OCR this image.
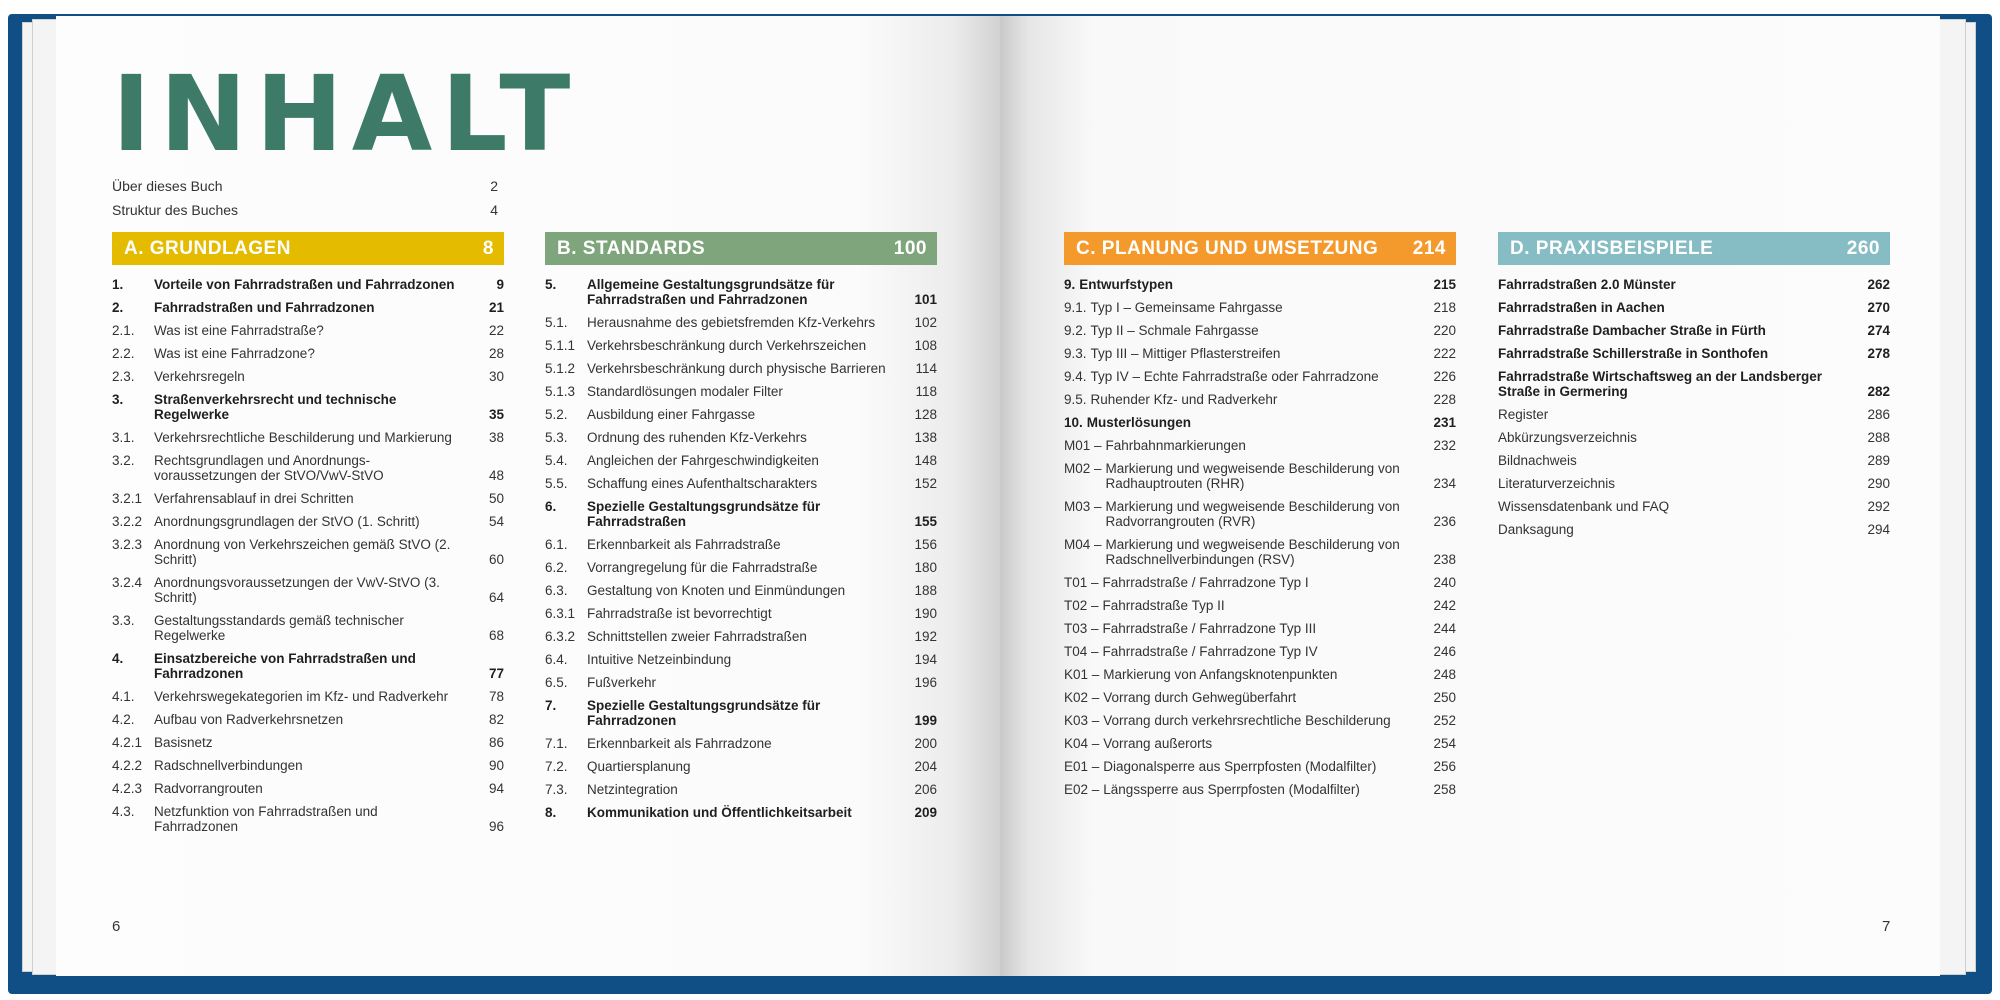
INHALT
Über dieses Buch	2
Struktur des Buches	4
A. GRUNDLAGEN	8
1.	Vorteile von Fahrradstraßen und Fahrradzonen	9
2.	Fahrradstraßen und Fahrradzonen	21
2.1.	Was ist eine Fahrradstraße?	22
2.2.	Was ist eine Fahrradzone?	28
2.3.	Verkehrsregeln	30
3.	Straßenverkehrsrecht und technische Regelwerke	35
3.1.	Verkehrsrechtliche Beschilderung und Markierung	38
3.2.	Rechtsgrundlagen und Anordnungs-voraussetzungen der StVO/VwV-StVO	48
3.2.1 Verfahrensablauf in drei Schritten	50
3.2.2 Anordnungsgrundlagen der StVO (1. Schritt)	54
3.2.3 Anordnung von Verkehrszeichen gemäß StVO (2. Schritt)	60
3.2.4 Anordnungsvoraussetzungen der VwV-StVO (3. Schritt)	64
3.3.	Gestaltungsstandards gemäß technischer Regelwerke	68
4.	Einsatzbereiche von Fahrradstraßen und Fahrradzonen	77
4.1.	Verkehrswegekategorien im Kfz- und Radverkehr	78
4.2.	Aufbau von Radverkehrsnetzen	82
4.2.1 Basisnetz	86
4.2.2 Radschnellverbindungen	90
4.2.3 Radvorrangrouten	94
4.3.	Netzfunktion von Fahrradstraßen und Fahrradzonen	96
B. STANDARDS	100
5.	Allgemeine Gestaltungsgrundsätze für Fahrradstraßen und Fahrradzonen	101
5.1.	Herausnahme des gebietsfremden Kfz-Verkehrs	102
5.1.1 Verkehrsbeschränkung durch Verkehrszeichen	108
5.1.2 Verkehrsbeschränkung durch physische Barrieren	114
5.1.3 Standardlösungen modaler Filter	118
5.2.	Ausbildung einer Fahrgasse	128
5.3.	Ordnung des ruhenden Kfz-Verkehrs	138
5.4.	Angleichen der Fahrgeschwindigkeiten	148
5.5.	Schaffung eines Aufenthaltscharakters	152
6.	Spezielle Gestaltungsgrundsätze für Fahrradstraßen	155
6.1.	Erkennbarkeit als Fahrradstraße	156
6.2.	Vorrangregelung für die Fahrradstraße	180
6.3.	Gestaltung von Knoten und Einmündungen	188
6.3.1 Fahrradstraße ist bevorrechtigt	190
6.3.2 Schnittstellen zweier Fahrradstraßen	192
6.4.	Intuitive Netzeinbindung	194
6.5.	Fußverkehr	196
7.	Spezielle Gestaltungsgrundsätze für Fahrradzonen	199
7.1.	Erkennbarkeit als Fahrradzone	200
7.2.	Quartiersplanung	204
7.3.	Netzintegration	206
8.	Kommunikation und Öffentlichkeitsarbeit	209
C. PLANUNG UND UMSETZUNG 214
9. Entwurfstypen	215
9.1. Typ I – Gemeinsame Fahrgasse	218
9.2. Typ II – Schmale Fahrgasse	220
9.3. Typ III – Mittiger Pflasterstreifen	222
9.4. Typ IV – Echte Fahrradstraße oder Fahrradzone	226
9.5. Ruhender Kfz- und Radverkehr	228
10. Musterlösungen	231
M01 – Fahrbahnmarkierungen	232
M02 – Markierung und wegweisende Beschilderung von Radhauptrouten (RHR)	234
M03 – Markierung und wegweisende Beschilderung von Radvorrangrouten (RVR)	236
M04 – Markierung und wegweisende Beschilderung von Radschnellverbindungen (RSV)	238
T01 – Fahrradstraße / Fahrradzone Typ I	240
T02 – Fahrradstraße Typ II	242
T03 – Fahrradstraße / Fahrradzone Typ III	244
T04 – Fahrradstraße / Fahrradzone Typ IV	246
K01 – Markierung von Anfangsknotenpunkten	248
K02 – Vorrang durch Gehwegüberfahrt	250
K03 – Vorrang durch verkehrsrechtliche Beschilderung	252
K04 – Vorrang außerorts	254
E01 – Diagonalsperre aus Sperrpfosten (Modalfilter)	256
E02 – Längssperre aus Sperrpfosten (Modalfilter)	258
D. PRAXISBEISPIELE	260
Fahrradstraßen 2.0 Münster	262
Fahrradstraßen in Aachen	270
Fahrradstraße Dambacher Straße in Fürth	274
Fahrradstraße Schillerstraße in Sonthofen	278
Fahrradstraße Wirtschaftsweg an der Landsberger Straße in Germering	282
Register	286
Abkürzungsverzeichnis	288
Bildnachweis	289
Literaturverzeichnis	290
Wissensdatenbank und FAQ	292
Danksagung	294
6	7
